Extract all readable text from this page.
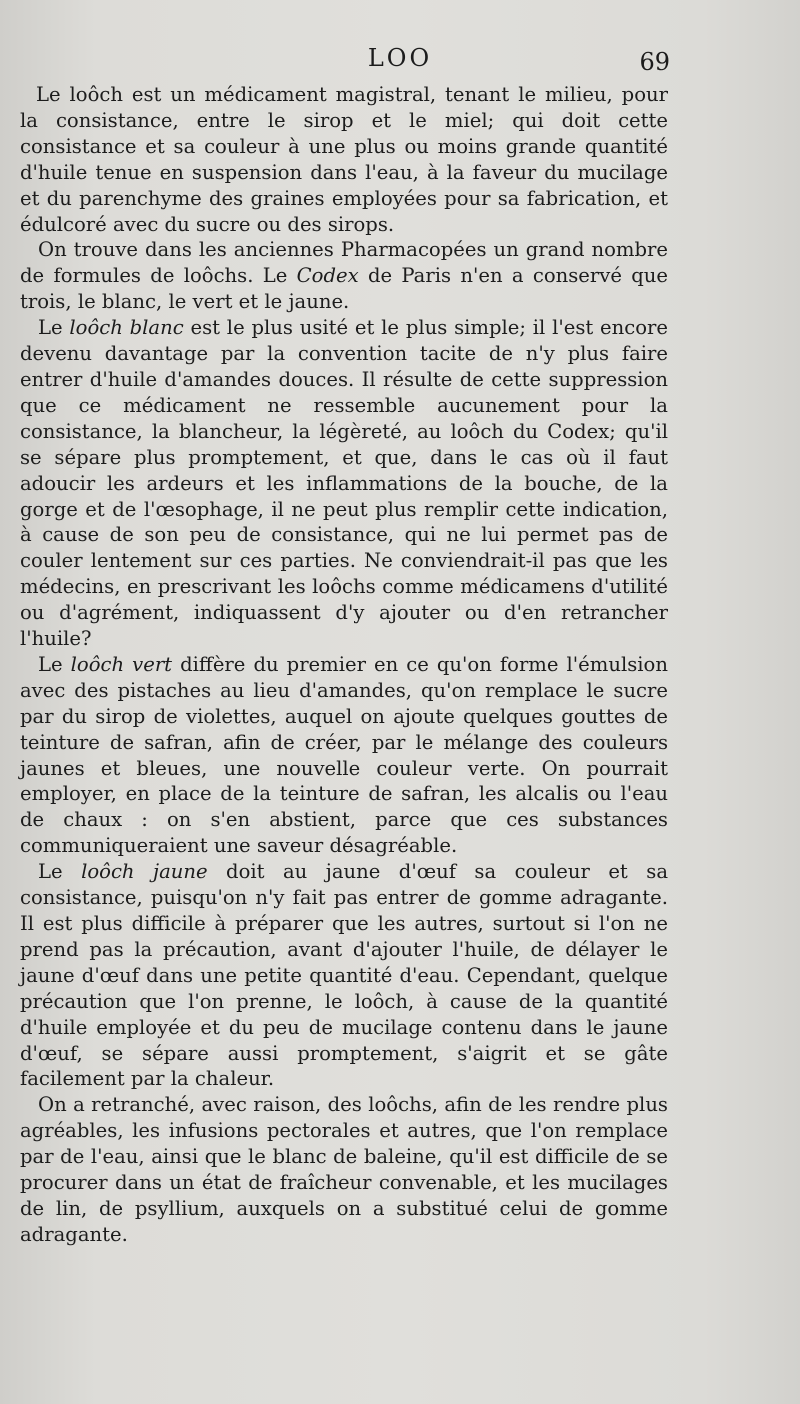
LOO	69

Le loôch est un médicament magistral, tenant le milieu, pour la consistance, entre le sirop et le miel; qui doit cette consistance et sa couleur à une plus ou moins grande quantité d'huile tenue en suspension dans l'eau, à la faveur du mucilage et du parenchyme des graines employées pour sa fabrication, et édulcoré avec du sucre ou des sirops.

On trouve dans les anciennes Pharmacopées un grand nombre de formules de loôchs. Le Codex de Paris n'en a conservé que trois, le blanc, le vert et le jaune.

Le loôch blanc est le plus usité et le plus simple; il l'est encore devenu davantage par la convention tacite de n'y plus faire entrer d'huile d'amandes douces. Il résulte de cette suppression que ce médicament ne ressemble aucunement pour la consistance, la blancheur, la légèreté, au loôch du Codex; qu'il se sépare plus promptement, et que, dans le cas où il faut adoucir les ardeurs et les inflammations de la bouche, de la gorge et de l'œsophage, il ne peut plus remplir cette indication, à cause de son peu de consistance, qui ne lui permet pas de couler lentement sur ces parties. Ne conviendrait-il pas que les médecins, en prescrivant les loôchs comme médicamens d'utilité ou d'agrément, indiquassent d'y ajouter ou d'en retrancher l'huile?

Le loôch vert diffère du premier en ce qu'on forme l'émulsion avec des pistaches au lieu d'amandes, qu'on remplace le sucre par du sirop de violettes, auquel on ajoute quelques gouttes de teinture de safran, afin de créer, par le mélange des couleurs jaunes et bleues, une nouvelle couleur verte. On pourrait employer, en place de la teinture de safran, les alcalis ou l'eau de chaux : on s'en abstient, parce que ces substances communiqueraient une saveur désagréable.

Le loôch jaune doit au jaune d'œuf sa couleur et sa consistance, puisqu'on n'y fait pas entrer de gomme adragante. Il est plus difficile à préparer que les autres, surtout si l'on ne prend pas la précaution, avant d'ajouter l'huile, de délayer le jaune d'œuf dans une petite quantité d'eau. Cependant, quelque précaution que l'on prenne, le loôch, à cause de la quantité d'huile employée et du peu de mucilage contenu dans le jaune d'œuf, se sépare aussi promptement, s'aigrit et se gâte facilement par la chaleur.

On a retranché, avec raison, des loôchs, afin de les rendre plus agréables, les infusions pectorales et autres, que l'on remplace par de l'eau, ainsi que le blanc de baleine, qu'il est difficile de se procurer dans un état de fraîcheur convenable, et les mucilages de lin, de psyllium, auxquels on a substitué celui de gomme adragante.
